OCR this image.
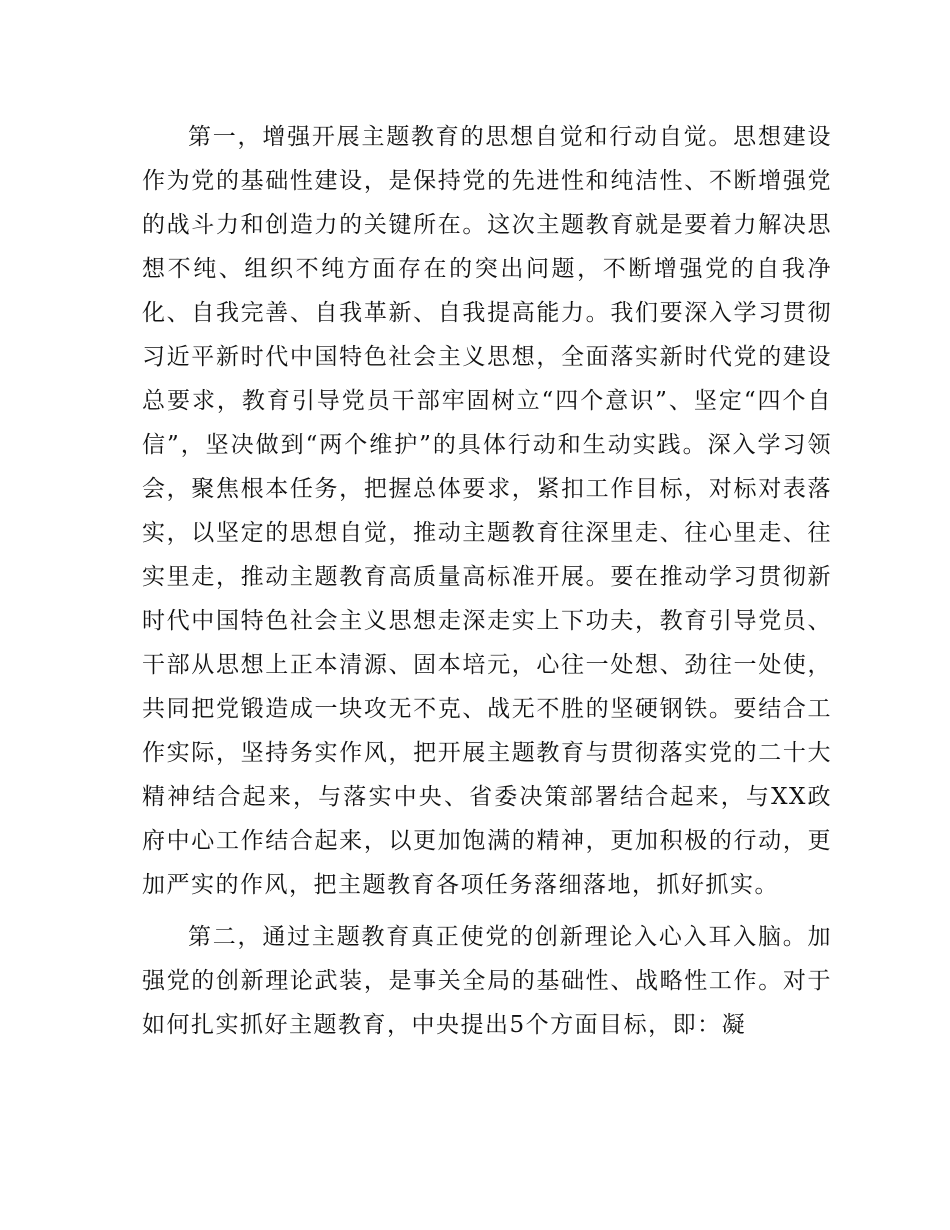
第一，增强开展主题教育的思想自觉和行动自觉。思想建设作为党的基础性建设，是保持党的先进性和纯洁性、不断增强党的战斗力和创造力的关键所在。这次主题教育就是要着力解决思想不纯、组织不纯方面存在的突出问题，不断增强党的自我净化、自我完善、自我革新、自我提高能力。我们要深入学习贯彻习近平新时代中国特色社会主义思想，全面落实新时代党的建设总要求，教育引导党员干部牢固树立“四个意识”、坚定“四个自信”，坚决做到“两个维护”的具体行动和生动实践。深入学习领会，聚焦根本任务，把握总体要求，紧扣工作目标，对标对表落实，以坚定的思想自觉，推动主题教育往深里走、往心里走、往实里走，推动主题教育高质量高标准开展。要在推动学习贯彻新时代中国特色社会主义思想走深走实上下功夫，教育引导党员、干部从思想上正本清源、固本培元，心往一处想、劲往一处使，共同把党锻造成一块攻无不克、战无不胜的坚硬钢铁。要结合工作实际，坚持务实作风，把开展主题教育与贯彻落实党的二十大精神结合起来，与落实中央、省委决策部署结合起来，与XX政府中心工作结合起来，以更加饱满的精神，更加积极的行动，更加严实的作风，把主题教育各项任务落细落地，抓好抓实。

第二，通过主题教育真正使党的创新理论入心入耳入脑。加强党的创新理论武装，是事关全局的基础性、战略性工作。对于如何扎实抓好主题教育，中央提出5个方面目标，即：凝
